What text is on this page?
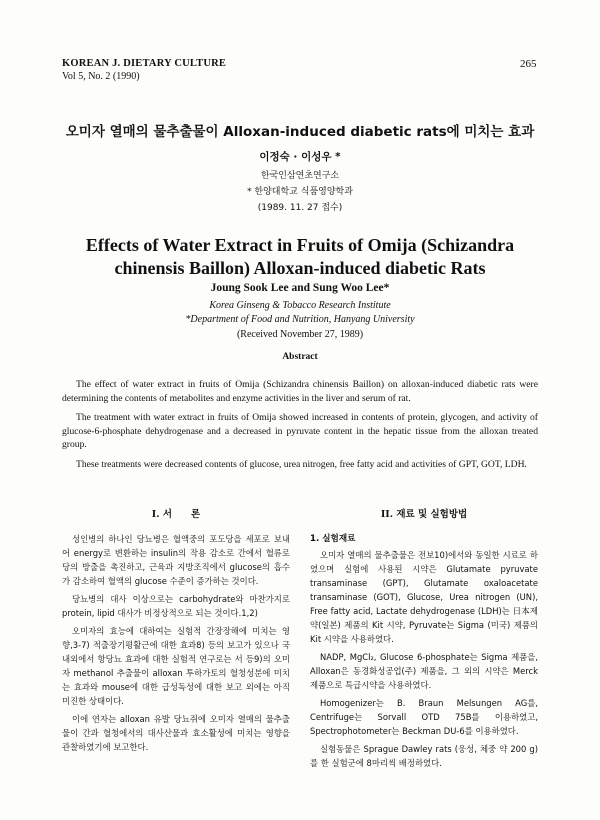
KOREAN J. DIETARY CULTURE
Vol 5, No. 2 (1990)
265
오미자 열매의 물추출물이 Alloxan-induced diabetic rats에 미치는 효과
이정숙 · 이성우 *
한국인삼연초연구소
* 한양대학교 식품영양학과
(1989. 11. 27 접수)
Effects of Water Extract in Fruits of Omija (Schizandra chinensis Baillon) Alloxan-induced diabetic Rats
Joung Sook Lee and Sung Woo Lee*
Korea Ginseng & Tobacco Research Institute
*Department of Food and Nutrition, Hanyang University
(Received November 27, 1989)
Abstract

The effect of water extract in fruits of Omija (Schizandra chinensis Baillon) on alloxan-induced diabetic rats were determining the contents of metabolites and enzyme activities in the liver and serum of rat.

The treatment with water extract in fruits of Omija showed increased in contents of protein, glycogen, and activity of glucose-6-phosphate dehydrogenase and a decreased in pyruvate content in the hepatic tissue from the alloxan treated group.

These treatments were decreased contents of glucose, urea nitrogen, free fatty acid and activities of GPT, GOT, LDH.

I. 서　　론

성인병의 하나인 당뇨병은 혈액중의 포도당을 세포로 보내어 energy로 변환하는 insulin의 작용 감소로 간에서 혈류로 당의 방출을 촉진하고, 근육과 지방조직에서 glucose의 흡수가 감소하여 혈액의 glucose 수준이 증가하는 것이다.

당뇨병의 대사 이상으로는 carbohydrate와 마찬가지로 protein, lipid 대사가 비정상적으로 되는 것이다.1,2)

오미자의 효능에 대하여는 실험적 간장장해에 미치는 영향,3-7) 적출장기평활근에 대한 효과8) 등의 보고가 있으나 국내외에서 항당뇨 효과에 대한 실험적 연구로는 서 등9)의 오미자 methanol 추출물이 alloxan 투하가토의 혈청성분에 미치는 효과와 mouse에 대한 급성독성에 대한 보고 외에는 아직 미진한 상태이다.

이에 연자는 alloxan 유발 당뇨쥐에 오미자 열매의 물추출물이 간과 혈청에서의 대사산물과 효소활성에 미치는 영향을 관찰하였기에 보고한다.

II. 재료 및 실험방법
1. 실험재료

오미자 열매의 물추출물은 전보10)에서와 동일한 시료로 하였으며 실험에 사용된 시약은 Glutamate pyruvate transaminase (GPT), Glutamate oxaloacetate transaminase (GOT), Glucose, Urea nitrogen (UN), Free fatty acid, Lactate dehydrogenase (LDH)는 日本제약(일본) 제품의 Kit 시약, Pyruvate는 Sigma (미국) 제품의 Kit 시약을 사용하였다.

NADP, MgCl₂, Glucose 6-phosphate는 Sigma 제품을, Alloxan은 동경화성공업(주) 제품을, 그 외의 시약은 Merck 제품으로 특급시약을 사용하였다.

Homogenizer는 B. Braun Melsungen AG를, Centrifuge는 Sorvall OTD 75B를 이용하였고, Spectrophotometer는 Beckman DU-6를 이용하였다.

실험동물은 Sprague Dawley rats (웅성, 체중 약 200 g)를 한 실험군에 8마리씩 배정하였다.
